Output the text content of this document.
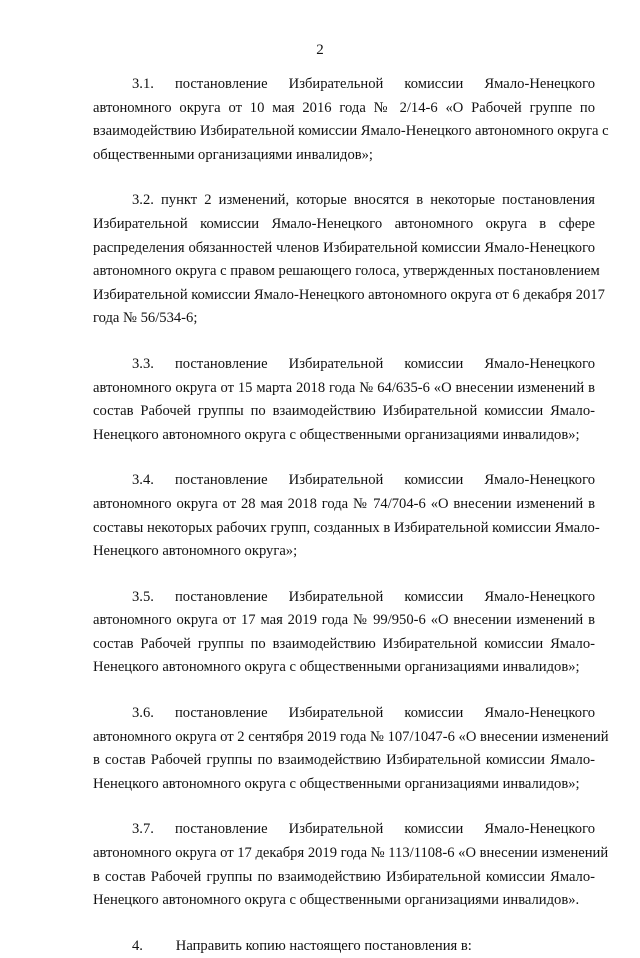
2
3.1. постановление Избирательной комиссии Ямало-Ненецкого
автономного округа от 10 мая 2016 года № 2/14-6 «О Рабочей группе по
взаимодействию Избирательной комиссии Ямало-Ненецкого автономного округа с
общественными организациями инвалидов»;
3.2. пункт 2 изменений, которые вносятся в некоторые постановления
Избирательной комиссии Ямало-Ненецкого автономного округа в сфере
распределения обязанностей членов Избирательной комиссии Ямало-Ненецкого
автономного округа с правом решающего голоса, утвержденных постановлением
Избирательной комиссии Ямало-Ненецкого автономного округа от 6 декабря 2017
года № 56/534-6;
3.3. постановление Избирательной комиссии Ямало-Ненецкого
автономного округа от 15 марта 2018 года № 64/635-6 «О внесении изменений в
состав Рабочей группы по взаимодействию Избирательной комиссии Ямало-
Ненецкого автономного округа с общественными организациями инвалидов»;
3.4. постановление Избирательной комиссии Ямало-Ненецкого
автономного округа от 28 мая 2018 года № 74/704-6 «О внесении изменений в
составы некоторых рабочих групп, созданных в Избирательной комиссии Ямало-
Ненецкого автономного округа»;
3.5. постановление Избирательной комиссии Ямало-Ненецкого
автономного округа от 17 мая 2019 года № 99/950-6 «О внесении изменений в
состав Рабочей группы по взаимодействию Избирательной комиссии Ямало-
Ненецкого автономного округа с общественными организациями инвалидов»;
3.6. постановление Избирательной комиссии Ямало-Ненецкого
автономного округа от 2 сентября 2019 года № 107/1047-6 «О внесении изменений
в состав Рабочей группы по взаимодействию Избирательной комиссии Ямало-
Ненецкого автономного округа с общественными организациями инвалидов»;
3.7. постановление Избирательной комиссии Ямало-Ненецкого
автономного округа от 17 декабря 2019 года № 113/1108-6 «О внесении изменений
в состав Рабочей группы по взаимодействию Избирательной комиссии Ямало-
Ненецкого автономного округа с общественными организациями инвалидов».
4.         Направить копию настоящего постановления в:
